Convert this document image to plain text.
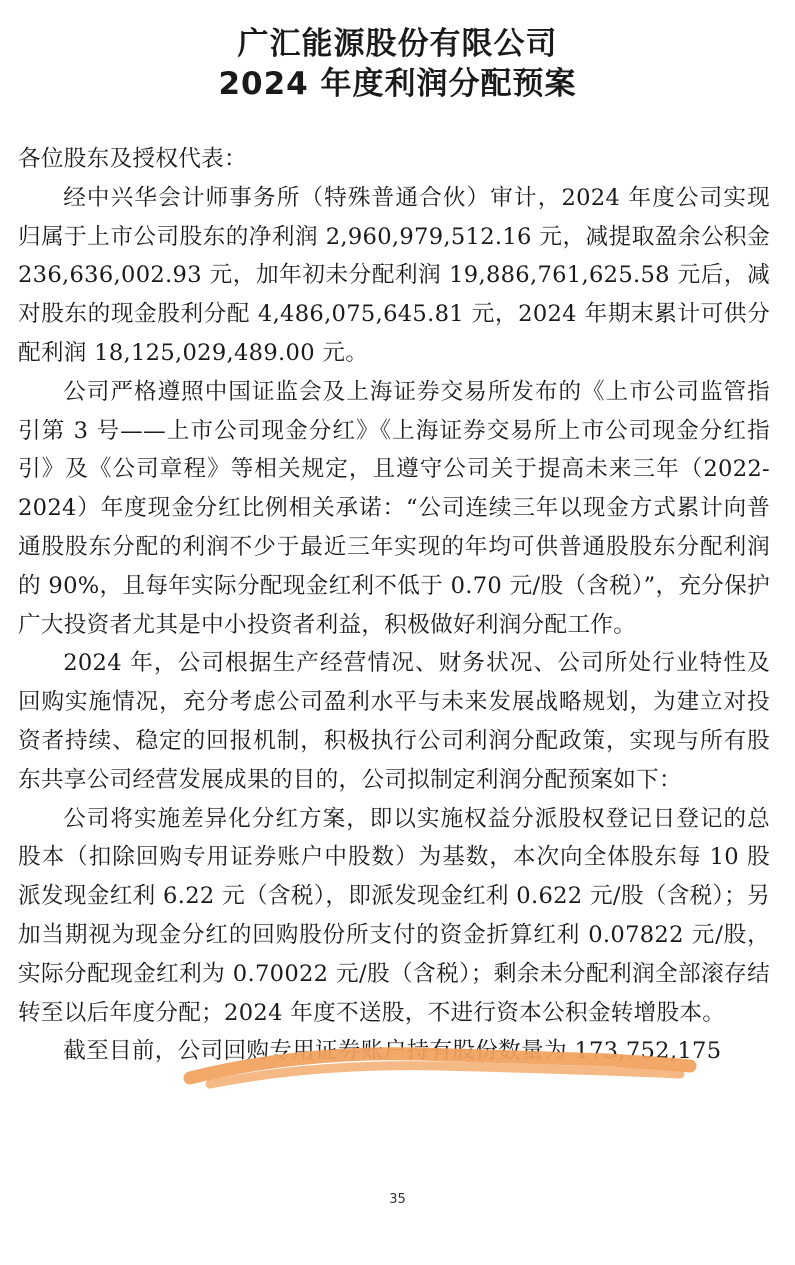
广汇能源股份有限公司
2024 年度利润分配预案

各位股东及授权代表：

经中兴华会计师事务所（特殊普通合伙）审计，2024 年度公司实现归属于上市公司股东的净利润 2,960,979,512.16 元，减提取盈余公积金 236,636,002.93 元，加年初未分配利润 19,886,761,625.58 元后，减对股东的现金股利分配 4,486,075,645.81 元，2024 年期末累计可供分配利润 18,125,029,489.00 元。

公司严格遵照中国证监会及上海证券交易所发布的《上市公司监管指引第 3 号——上市公司现金分红》《上海证券交易所上市公司现金分红指引》及《公司章程》等相关规定，且遵守公司关于提高未来三年（2022-2024）年度现金分红比例相关承诺：“公司连续三年以现金方式累计向普通股股东分配的利润不少于最近三年实现的年均可供普通股股东分配利润的 90%，且每年实际分配现金红利不低于 0.70 元/股（含税）”，充分保护广大投资者尤其是中小投资者利益，积极做好利润分配工作。

2024 年，公司根据生产经营情况、财务状况、公司所处行业特性及回购实施情况，充分考虑公司盈利水平与未来发展战略规划，为建立对投资者持续、稳定的回报机制，积极执行公司利润分配政策，实现与所有股东共享公司经营发展成果的目的，公司拟制定利润分配预案如下：

公司将实施差异化分红方案，即以实施权益分派股权登记日登记的总股本（扣除回购专用证券账户中股数）为基数，本次向全体股东每 10 股派发现金红利 6.22 元（含税），即派发现金红利 0.622 元/股（含税）；另加当期视为现金分红的回购股份所支付的资金折算红利 0.07822 元/股，实际分配现金红利为 0.70022 元/股（含税）；剩余未分配利润全部滚存结转至以后年度分配；2024 年度不送股，不进行资本公积金转增股本。

截至目前，公司回购专用证券账户持有股份数量为 173,752,175

35
